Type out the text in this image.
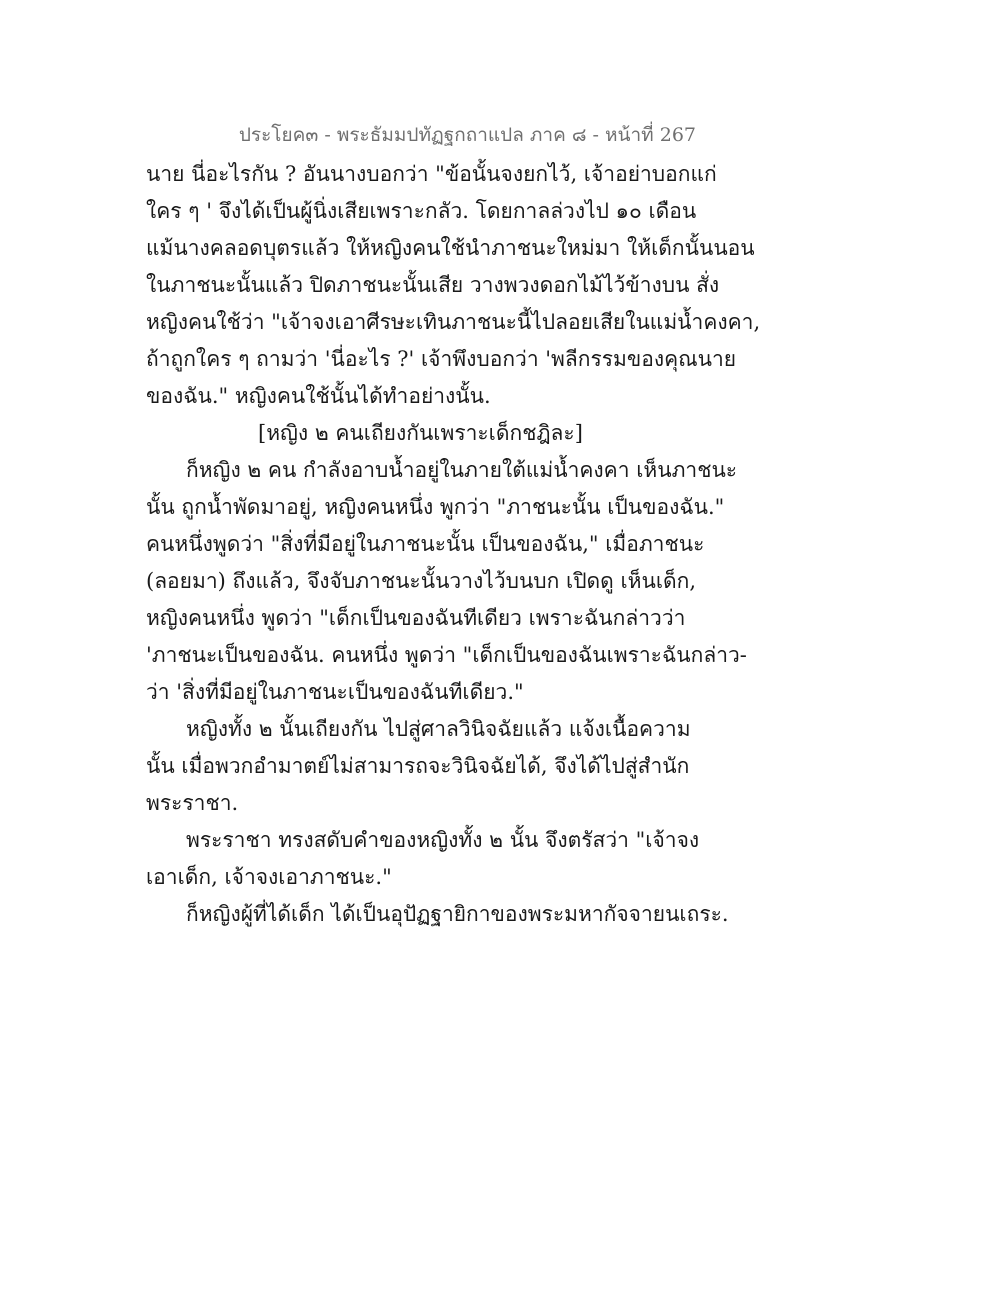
ประโยค๓ - พระธัมมปทัฏฐกถาแปล ภาค ๘ - หน้าที่ 267
นาย นี่อะไรกัน ? อันนางบอกว่า "ข้อนั้นจงยกไว้, เจ้าอย่าบอกแก่
ใคร ๆ ' จึงได้เป็นผู้นิ่งเสียเพราะกลัว. โดยกาลล่วงไป ๑๐ เดือน
แม้นางคลอดบุตรแล้ว ให้หญิงคนใช้นำภาชนะใหม่มา ให้เด็กนั้นนอน
ในภาชนะนั้นแล้ว ปิดภาชนะนั้นเสีย วางพวงดอกไม้ไว้ข้างบน สั่ง
หญิงคนใช้ว่า "เจ้าจงเอาศีรษะเทินภาชนะนี้ไปลอยเสียในแม่น้ำคงคา,
ถ้าถูกใคร ๆ ถามว่า 'นี่อะไร ?' เจ้าพึงบอกว่า 'พลีกรรมของคุณนาย
ของฉัน." หญิงคนใช้นั้นได้ทำอย่างนั้น.
[หญิง ๒ คนเถียงกันเพราะเด็กชฎิละ]
ก็หญิง ๒ คน กำลังอาบน้ำอยู่ในภายใต้แม่น้ำคงคา เห็นภาชนะ
นั้น ถูกน้ำพัดมาอยู่, หญิงคนหนึ่ง พูกว่า "ภาชนะนั้น เป็นของฉัน."
คนหนึ่งพูดว่า "สิ่งที่มีอยู่ในภาชนะนั้น เป็นของฉัน," เมื่อภาชนะ
(ลอยมา) ถึงแล้ว, จึงจับภาชนะนั้นวางไว้บนบก เปิดดู เห็นเด็ก,
หญิงคนหนึ่ง พูดว่า "เด็กเป็นของฉันทีเดียว เพราะฉันกล่าวว่า
'ภาชนะเป็นของฉัน. คนหนึ่ง พูดว่า "เด็กเป็นของฉันเพราะฉันกล่าว-
ว่า 'สิ่งที่มีอยู่ในภาชนะเป็นของฉันทีเดียว."
หญิงทั้ง ๒ นั้นเถียงกัน ไปสู่ศาลวินิจฉัยแล้ว แจ้งเนื้อความ
นั้น เมื่อพวกอำมาตย์ไม่สามารถจะวินิจฉัยได้, จึงได้ไปสู่สำนัก
พระราชา.
พระราชา ทรงสดับคำของหญิงทั้ง ๒ นั้น จึงตรัสว่า "เจ้าจง
เอาเด็ก, เจ้าจงเอาภาชนะ."
ก็หญิงผู้ที่ได้เด็ก ได้เป็นอุปัฏฐายิกาของพระมหากัจจายนเถระ.
